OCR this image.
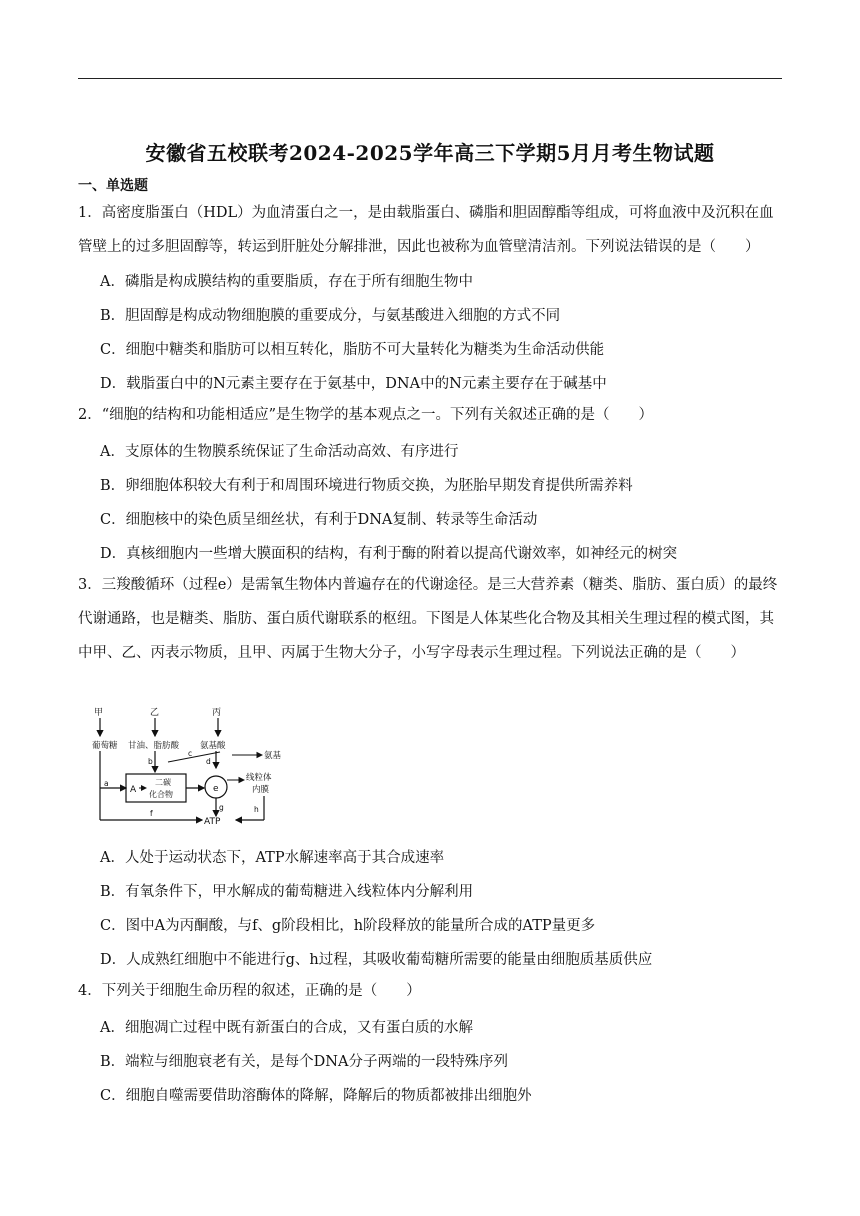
安徽省五校联考2024-2025学年高三下学期5月月考生物试题
一、单选题
1．高密度脂蛋白（HDL）为血清蛋白之一，是由载脂蛋白、磷脂和胆固醇酯等组成，可将血液中及沉积在血管壁上的过多胆固醇等，转运到肝脏处分解排泄，因此也被称为血管壁清洁剂。下列说法错误的是（　　）
A．磷脂是构成膜结构的重要脂质，存在于所有细胞生物中
B．胆固醇是构成动物细胞膜的重要成分，与氨基酸进入细胞的方式不同
C．细胞中糖类和脂肪可以相互转化，脂肪不可大量转化为糖类为生命活动供能
D．载脂蛋白中的N元素主要存在于氨基中，DNA中的N元素主要存在于碱基中
2．“细胞的结构和功能相适应”是生物学的基本观点之一。下列有关叙述正确的是（　　）
A．支原体的生物膜系统保证了生命活动高效、有序进行
B．卵细胞体积较大有利于和周围环境进行物质交换，为胚胎早期发育提供所需养料
C．细胞核中的染色质呈细丝状，有利于DNA复制、转录等生命活动
D．真核细胞内一些增大膜面积的结构，有利于酶的附着以提高代谢效率，如神经元的树突
3．三羧酸循环（过程e）是需氧生物体内普遍存在的代谢途径。是三大营养素（糖类、脂肪、蛋白质）的最终代谢通路，也是糖类、脂肪、蛋白质代谢联系的枢纽。下图是人体某些化合物及其相关生理过程的模式图，其中甲、乙、丙表示物质，且甲、丙属于生物大分子，小写字母表示生理过程。下列说法正确的是（　　）
甲	乙	丙
葡萄糖 甘油、脂肪酸 氨基酸
氨基
c
b	d
a
A
二碳
化合物
e
线粒体
内膜
g	h
f
ATP
A．人处于运动状态下，ATP水解速率高于其合成速率
B．有氧条件下，甲水解成的葡萄糖进入线粒体内分解利用
C．图中A为丙酮酸，与f、g阶段相比，h阶段释放的能量所合成的ATP量更多
D．人成熟红细胞中不能进行g、h过程，其吸收葡萄糖所需要的能量由细胞质基质供应
4．下列关于细胞生命历程的叙述，正确的是（　　）
A．细胞凋亡过程中既有新蛋白的合成，又有蛋白质的水解
B．端粒与细胞衰老有关，是每个DNA分子两端的一段特殊序列
C．细胞自噬需要借助溶酶体的降解，降解后的物质都被排出细胞外
